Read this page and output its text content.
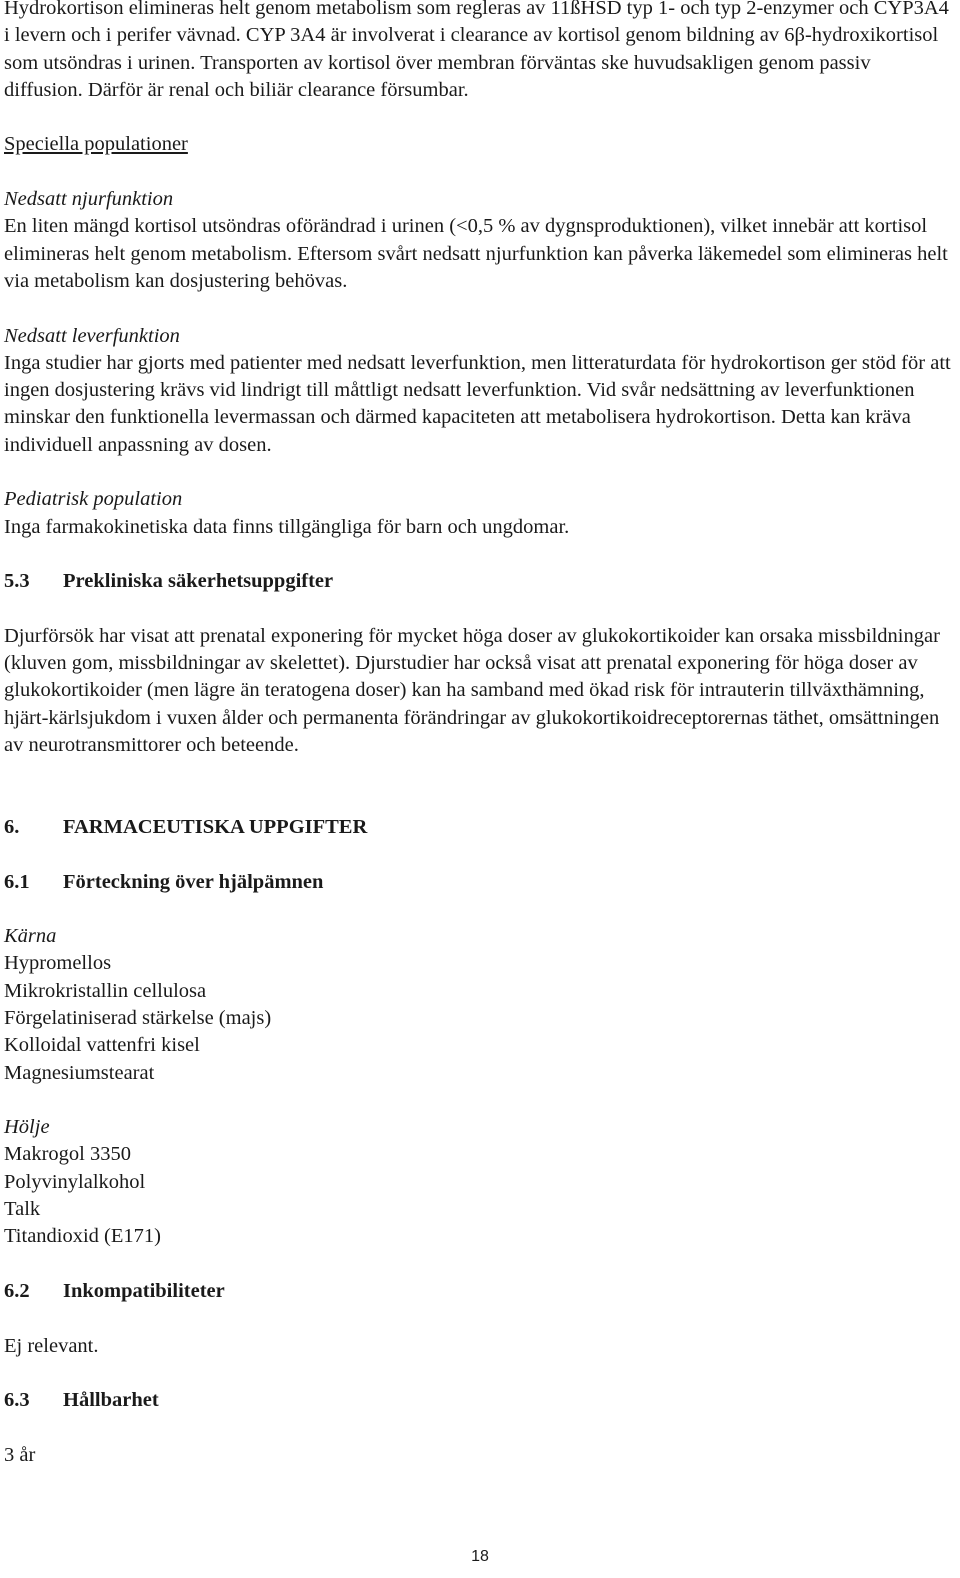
Hydrokortison elimineras helt genom metabolism som regleras av 11ßHSD typ 1- och typ 2-enzymer och CYP3A4 i levern och i perifer vävnad. CYP 3A4 är involverat i clearance av kortisol genom bildning av 6β-hydroxikortisol som utsöndras i urinen. Transporten av kortisol över membran förväntas ske huvudsakligen genom passiv diffusion. Därför är renal och biliär clearance försumbar.

Speciella populationer

Nedsatt njurfunktion

En liten mängd kortisol utsöndras oförändrad i urinen (<0,5 % av dygnsproduktionen), vilket innebär att kortisol elimineras helt genom metabolism. Eftersom svårt nedsatt njurfunktion kan påverka läkemedel som elimineras helt via metabolism kan dosjustering behövas.

Nedsatt leverfunktion

Inga studier har gjorts med patienter med nedsatt leverfunktion, men litteraturdata för hydrokortison ger stöd för att ingen dosjustering krävs vid lindrigt till måttligt nedsatt leverfunktion. Vid svår nedsättning av leverfunktionen minskar den funktionella levermassan och därmed kapaciteten att metabolisera hydrokortison. Detta kan kräva individuell anpassning av dosen.

Pediatrisk population

Inga farmakokinetiska data finns tillgängliga för barn och ungdomar.

5.3	Prekliniska säkerhetsuppgifter

Djurförsök har visat att prenatal exponering för mycket höga doser av glukokortikoider kan orsaka missbildningar (kluven gom, missbildningar av skelettet). Djurstudier har också visat att prenatal exponering för höga doser av glukokortikoider (men lägre än teratogena doser) kan ha samband med ökad risk för intrauterin tillväxthämning, hjärt-kärlsjukdom i vuxen ålder och permanenta förändringar av glukokortikoidreceptorernas täthet, omsättningen av neurotransmittorer och beteende.

6.	FARMACEUTISKA UPPGIFTER
6.1	Förteckning över hjälpämnen

Kärna

Hypromellos
Mikrokristallin cellulosa
Förgelatiniserad stärkelse (majs)
Kolloidal vattenfri kisel
Magnesiumstearat

Hölje

Makrogol 3350
Polyvinylalkohol
Talk
Titandioxid (E171)
6.2	Inkompatibiliteter

Ej relevant.

6.3	Hållbarhet

3 år

18
